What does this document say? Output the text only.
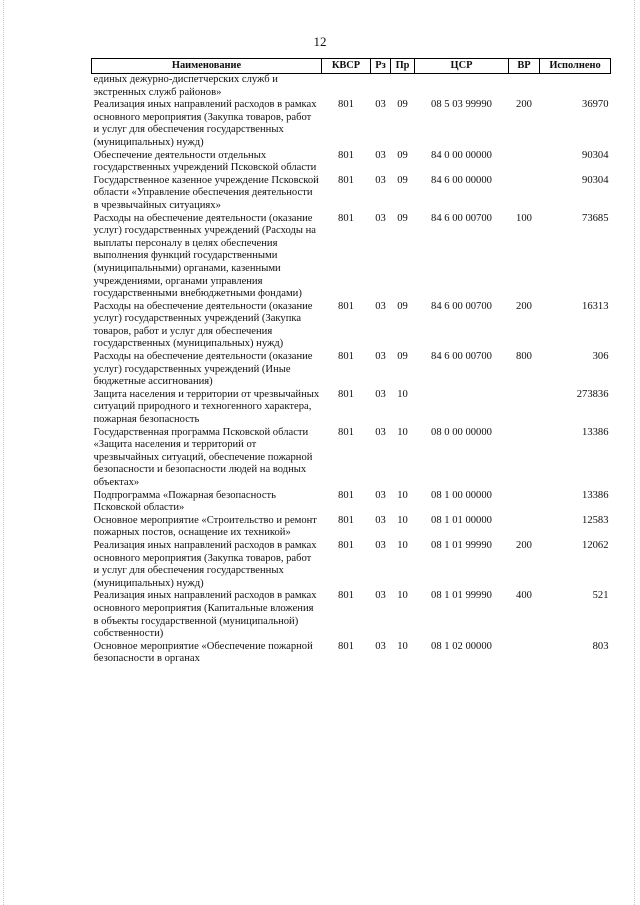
12
Наименование	КВСР	Рз	Пр	ЦСР	ВР	Исполнено
единых дежурно-диспетчерских служб и экстренных служб районов»						
Реализация иных направлений расходов в рамках основного мероприятия (Закупка товаров, работ и услуг для обеспечения государственных (муниципальных) нужд)	801	03	09	08 5 03 99990	200	36970
Обеспечение деятельности отдельных государственных учреждений Псковской области	801	03	09	84 0 00 00000		90304
Государственное казенное учреждение Псковской области «Управление обеспечения деятельности в чрезвычайных ситуациях»	801	03	09	84 6 00 00000		90304
Расходы на обеспечение деятельности (оказание услуг) государственных учреждений (Расходы на выплаты персоналу в целях обеспечения выполнения функций государственными (муниципальными) органами, казенными учреждениями, органами управления государственными внебюджетными фондами)	801	03	09	84 6 00 00700	100	73685
Расходы на обеспечение деятельности (оказание услуг) государственных учреждений (Закупка товаров, работ и услуг для обеспечения государственных (муниципальных) нужд)	801	03	09	84 6 00 00700	200	16313
Расходы на обеспечение деятельности (оказание услуг) государственных учреждений (Иные бюджетные ассигнования)	801	03	09	84 6 00 00700	800	306
Защита населения и территории от чрезвычайных ситуаций природного и техногенного характера, пожарная безопасность	801	03	10			273836
Государственная программа Псковской области «Защита населения и территорий от чрезвычайных ситуаций, обеспечение пожарной безопасности и безопасности людей на водных объектах»	801	03	10	08 0 00 00000		13386
Подпрограмма «Пожарная безопасность Псковской области»	801	03	10	08 1 00 00000		13386
Основное мероприятие «Строительство и ремонт пожарных постов, оснащение их техникой»	801	03	10	08 1 01 00000		12583
Реализация иных направлений расходов в рамках основного мероприятия (Закупка товаров, работ и услуг для обеспечения государственных (муниципальных) нужд)	801	03	10	08 1 01 99990	200	12062
Реализация иных направлений расходов в рамках основного мероприятия (Капитальные вложения в объекты государственной (муниципальной) собственности)	801	03	10	08 1 01 99990	400	521
Основное мероприятие «Обеспечение пожарной безопасности в органах	801	03	10	08 1 02 00000		803
